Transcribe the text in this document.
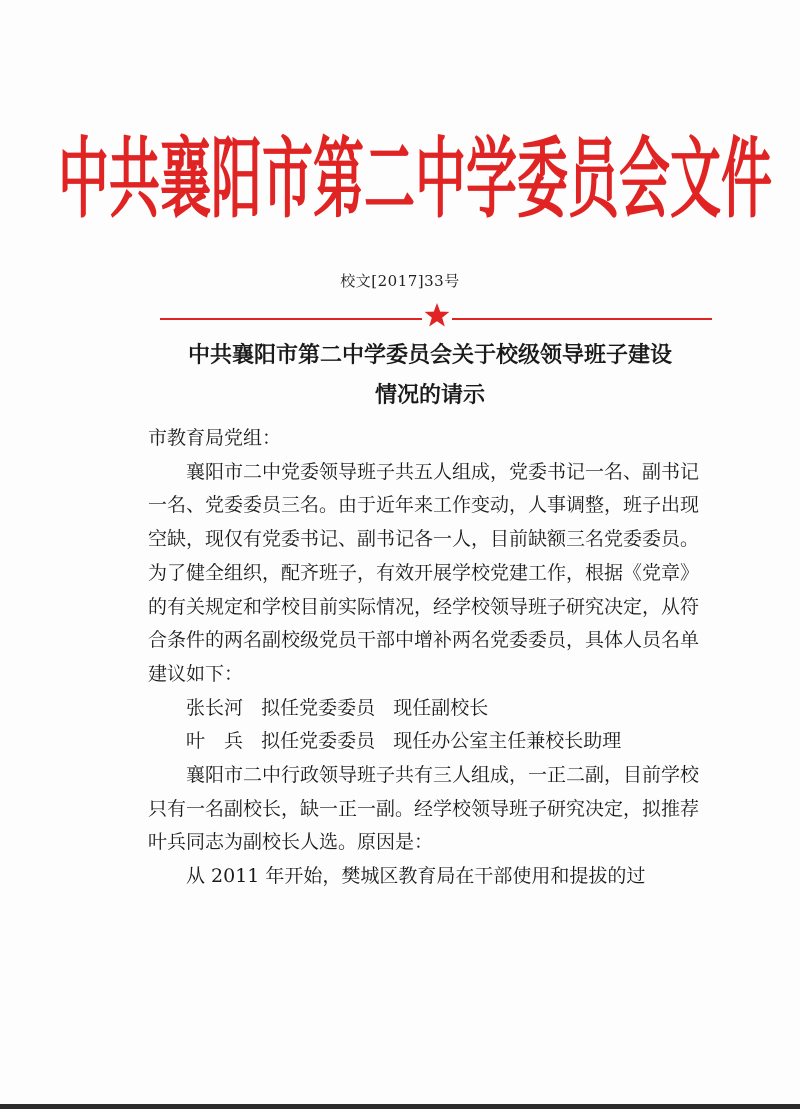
中共襄阳市第二中学委员会文件
校文[2017]33号
中共襄阳市第二中学委员会关于校级领导班子建设
情况的请示

市教育局党组：

襄阳市二中党委领导班子共五人组成，党委书记一名、副书记一名、党委委员三名。由于近年来工作变动，人事调整，班子出现空缺，现仅有党委书记、副书记各一人，目前缺额三名党委委员。为了健全组织，配齐班子，有效开展学校党建工作，根据《党章》的有关规定和学校目前实际情况，经学校领导班子研究决定，从符合条件的两名副校级党员干部中增补两名党委委员，具体人员名单建议如下：

张长河 拟任党委委员 现任副校长

叶　兵 拟任党委委员 现任办公室主任兼校长助理

襄阳市二中行政领导班子共有三人组成，一正二副，目前学校只有一名副校长，缺一正一副。经学校领导班子研究决定，拟推荐叶兵同志为副校长人选。原因是：

从 2011 年开始，樊城区教育局在干部使用和提拔的过
